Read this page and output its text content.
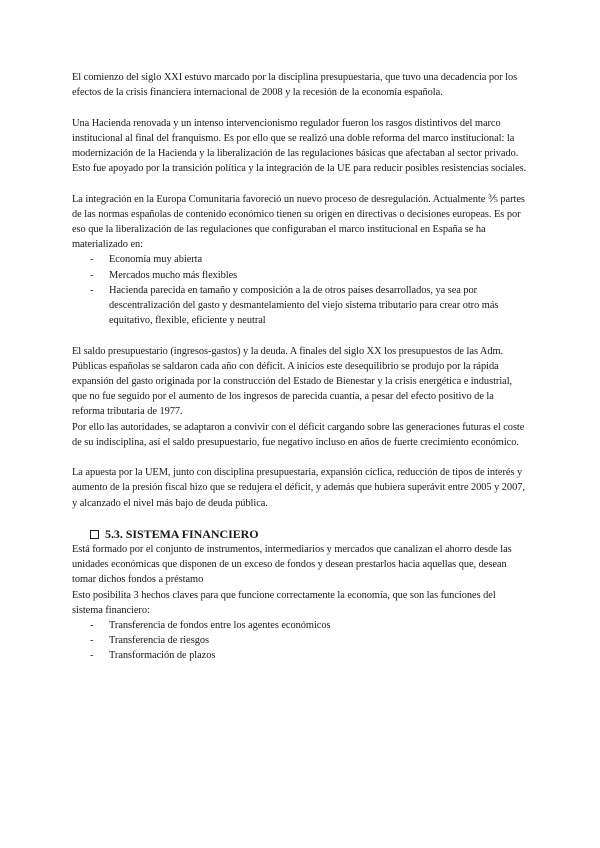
El comienzo del siglo XXI estuvo marcado por la disciplina presupuestaria, que tuvo una decadencia por los efectos de la crisis financiera internacional de 2008 y la recesión de la economía española.

Una Hacienda renovada y un intenso intervencionismo regulador fueron los rasgos distintivos del marco institucional al final del franquismo. Es por ello que se realizó una doble reforma del marco institucional: la modernización de la Hacienda y la liberalización de las regulaciones básicas que afectaban al sector privado.

Esto fue apoyado por la transición política y la integración de la UE para reducir posibles resistencias sociales.

La integración en la Europa Comunitaria favoreció un nuevo proceso de desregulación. Actualmente ⅗ partes de las normas españolas de contenido económico tienen su origen en directivas o decisiones europeas. Es por eso que la liberalización de las regulaciones que configuraban el marco institucional en España se ha materializado en:

- Economía muy abierta
- Mercados mucho más flexibles
- Hacienda parecida en tamaño y composición a la de otros países desarrollados, ya sea por descentralización del gasto y desmantelamiento del viejo sistema tributario para crear otro más equitativo, flexible, eficiente y neutral

El saldo presupuestario (ingresos-gastos) y la deuda. A finales del siglo XX los presupuestos de las Adm. Públicas españolas se saldaron cada año con déficit. A inicios este desequilibrio se produjo por la rápida expansión del gasto originada por la construcción del Estado de Bienestar y la crisis energética e industrial, que no fue seguido por el aumento de los ingresos de parecida cuantía, a pesar del efecto positivo de la reforma tributaria de 1977.

Por ello las autoridades, se adaptaron a convivir con el déficit cargando sobre las generaciones futuras el coste de su indisciplina, así el saldo presupuestario, fue negativo incluso en años de fuerte crecimiento económico.

La apuesta por la UEM, junto con disciplina presupuestaria, expansión cíclica, reducción de tipos de interés y aumento de la presión fiscal hizo que se redujera el déficit, y además que hubiera superávit entre 2005 y 2007, y alcanzado el nivel más bajo de deuda pública.

5.3. SISTEMA FINANCIERO

Está formado por el conjunto de instrumentos, intermediarios y mercados que canalizan el ahorro desde las unidades económicas que disponen de un exceso de fondos y desean prestarlos hacia aquellas que, desean tomar dichos fondos a préstamo

Esto posibilita 3 hechos claves para que funcione correctamente la economía, que son las funciones del sistema financiero:

- Transferencia de fondos entre los agentes económicos
- Transferencia de riesgos
- Transformación de plazos
